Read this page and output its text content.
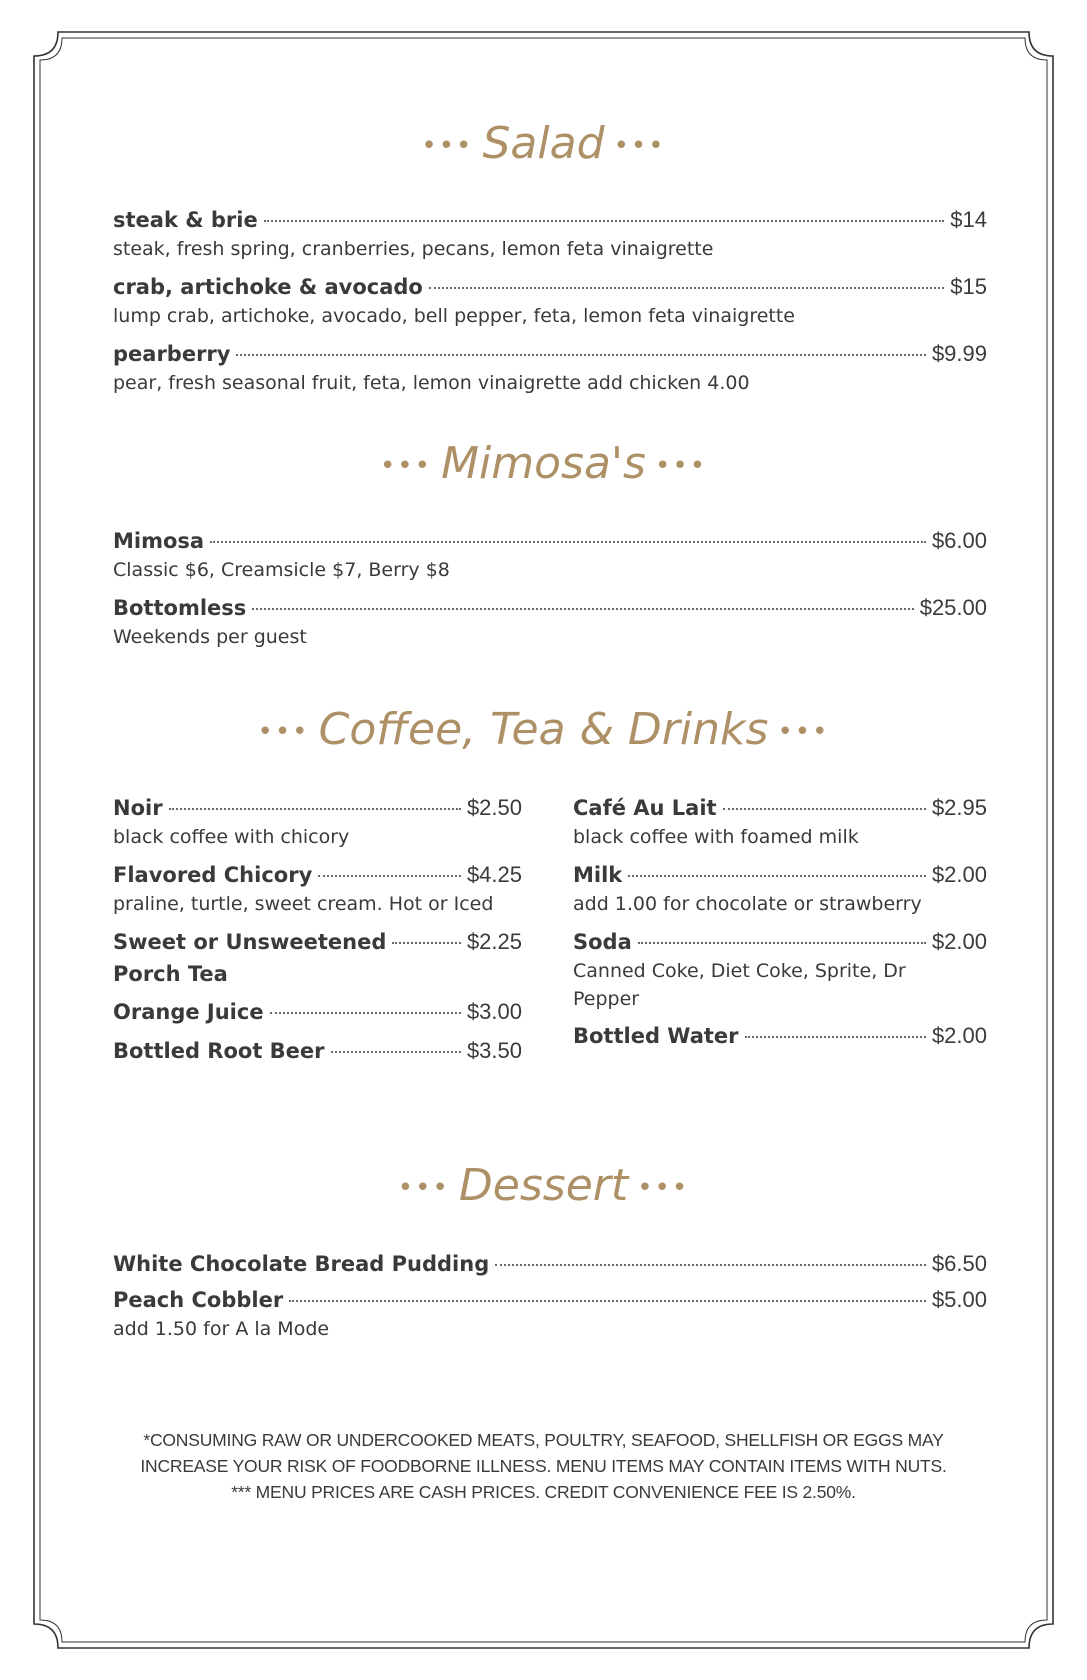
••• Salad •••
steak & brie	$14
steak, fresh spring, cranberries, pecans, lemon feta vinaigrette
crab, artichoke & avocado	$15
lump crab, artichoke, avocado, bell pepper, feta, lemon feta vinaigrette
pearberry	$9.99
pear, fresh seasonal fruit, feta, lemon vinaigrette add chicken 4.00
••• Mimosa's •••
Mimosa	$6.00
Classic $6, Creamsicle $7, Berry $8
Bottomless	$25.00
Weekends per guest
••• Coffee, Tea & Drinks •••
Noir	$2.50
black coffee with chicory
Flavored Chicory	$4.25
praline, turtle, sweet cream. Hot or Iced
Sweet or Unsweetened	$2.25
Porch Tea
Orange Juice	$3.00
Bottled Root Beer	$3.50
Café Au Lait	$2.95
black coffee with foamed milk
Milk	$2.00
add 1.00 for chocolate or strawberry
Soda	$2.00
Canned Coke, Diet Coke, Sprite, Dr
Pepper
Bottled Water	$2.00
••• Dessert •••
White Chocolate Bread Pudding	$6.50
Peach Cobbler	$5.00
add 1.50 for A la Mode
*CONSUMING RAW OR UNDERCOOKED MEATS, POULTRY, SEAFOOD, SHELLFISH OR EGGS MAY
INCREASE YOUR RISK OF FOODBORNE ILLNESS. MENU ITEMS MAY CONTAIN ITEMS WITH NUTS.
*** MENU PRICES ARE CASH PRICES. CREDIT CONVENIENCE FEE IS 2.50%.
